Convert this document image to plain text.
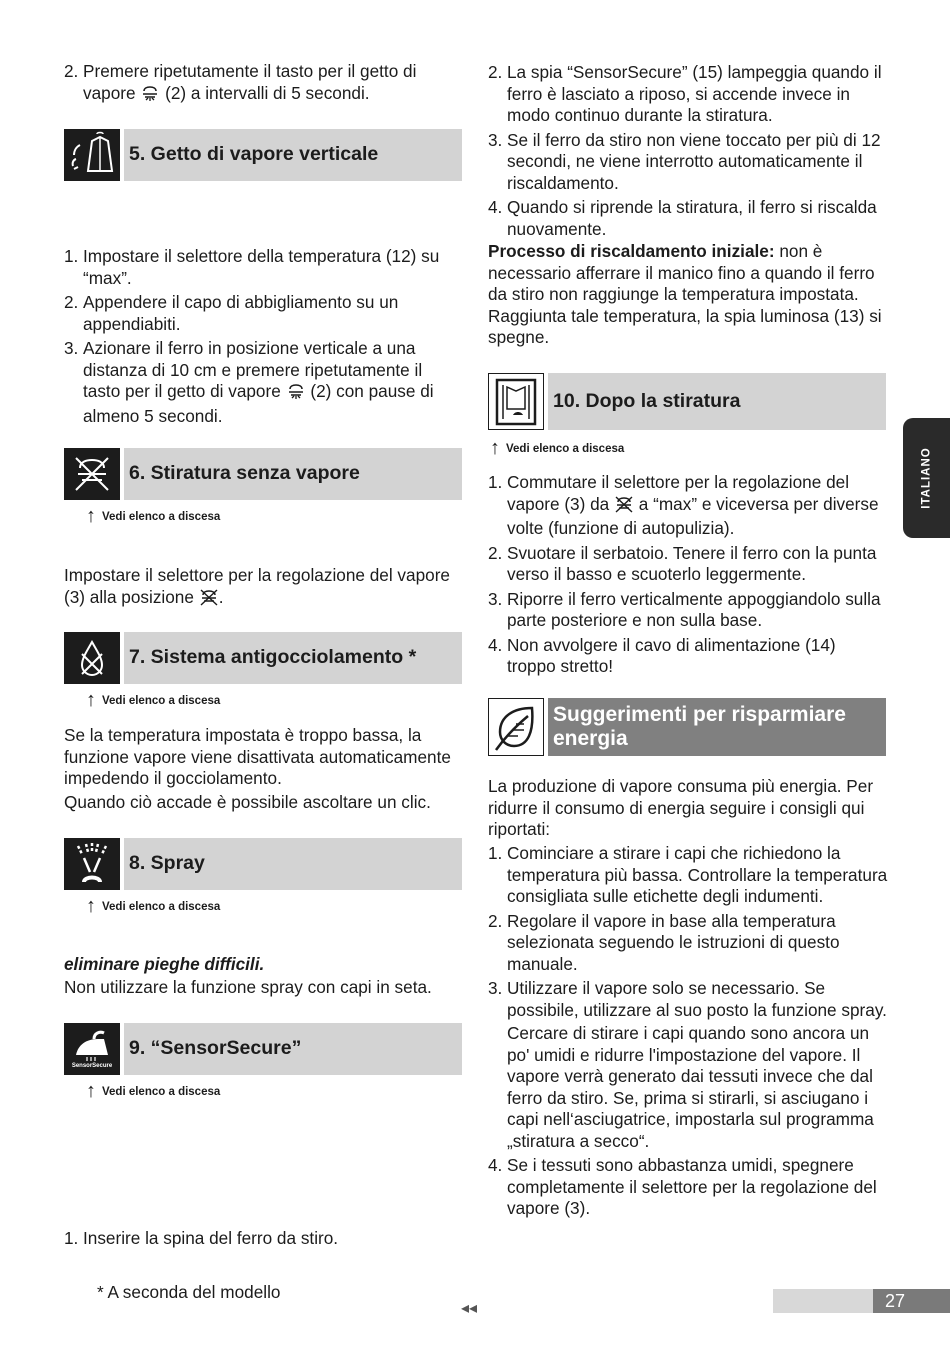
2. Premere ripetutamente il tasto per il getto di vapore (2) a intervalli di 5 secondi.
5. Getto di vapore verticale
1. Impostare il selettore della temperatura (12) su “max”.
2. Appendere il capo di abbigliamento su un appendiabiti.
3. Azionare il ferro in posizione verticale a una distanza di 10 cm e premere ripetutamente il tasto per il getto di vapore (2) con pause di almeno 5 secondi.
6. Stiratura senza vapore
↑ Vedi elenco a discesa

Impostare il selettore per la regolazione del vapore (3) alla posizione .

7. Sistema antigocciolamento *
↑ Vedi elenco a discesa

Se la temperatura impostata è troppo bassa, la funzione vapore viene disattivata automaticamente impedendo il gocciolamento.

Quando ciò accade è possibile ascoltare un clic.

8. Spray
↑ Vedi elenco a discesa

eliminare pieghe difficili.

Non utilizzare la funzione spray con capi in seta.

SensorSecure
9. “SensorSecure”
↑ Vedi elenco a discesa
1. Inserire la spina del ferro da stiro.

* A seconda del modello

2. La spia “SensorSecure” (15) lampeggia quando il ferro è lasciato a riposo, si accende invece in modo continuo durante la stiratura.
3. Se il ferro da stiro non viene toccato per più di 12 secondi, ne viene interrotto automaticamente il riscaldamento.
4. Quando si riprende la stiratura, il ferro si riscalda nuovamente.

Processo di riscaldamento iniziale: non è necessario afferrare il manico fino a quando il ferro da stiro non raggiunge la temperatura impostata. Raggiunta tale temperatura, la spia luminosa (13) si spegne.

10. Dopo la stiratura
↑ Vedi elenco a discesa
1. Commutare il selettore per la regolazione del vapore (3) da a “max” e viceversa per diverse volte (funzione di autopulizia).
2. Svuotare il serbatoio. Tenere il ferro con la punta verso il basso e scuoterlo leggermente.
3. Riporre il ferro verticalmente appoggiandolo sulla parte posteriore e non sulla base.
4. Non avvolgere il cavo di alimentazione (14) troppo stretto!
Suggerimenti per risparmiare energia

La produzione di vapore consuma più energia. Per ridurre il consumo di energia seguire i consigli qui riportati:

1. Cominciare a stirare i capi che richiedono la temperatura più bassa. Controllare la temperatura consigliata sulle etichette degli indumenti.
2. Regolare il vapore in base alla temperatura selezionata seguendo le istruzioni di questo manuale.
3. Utilizzare il vapore solo se necessario. Se possibile, utilizzare al suo posto la funzione spray.
Cercare di stirare i capi quando sono ancora un po' umidi e ridurre l'impostazione del vapore. Il vapore verrà generato dai tessuti invece che dal ferro da stiro. Se, prima si stirarli, si asciugano i capi nell‘asciugatrice, impostarla sul programma „stiratura a secco“.
4. Se i tessuti sono abbastanza umidi, spegnere completamente il selettore per la regolazione del vapore (3).
ITALIANO
◂◂	27
